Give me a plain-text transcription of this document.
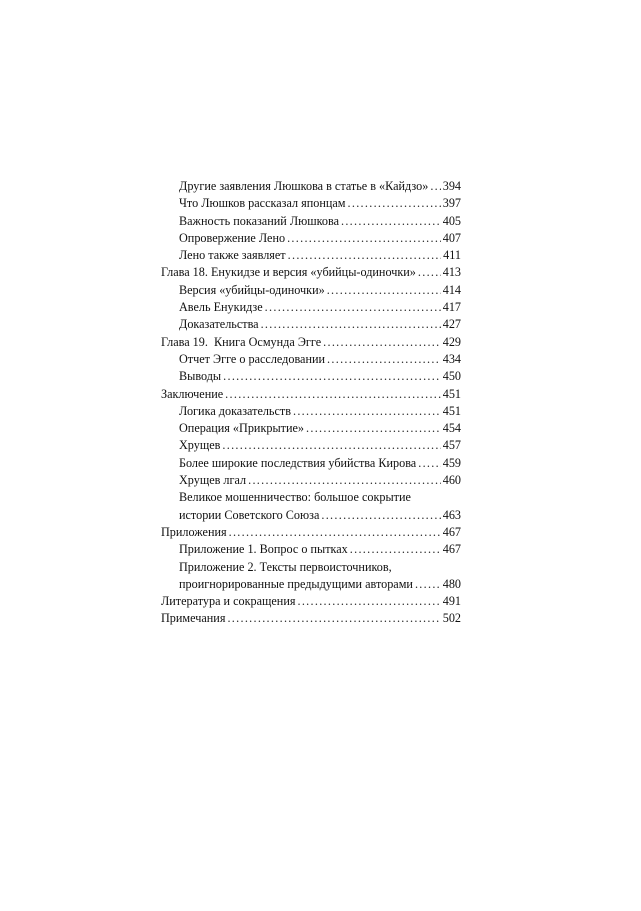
Другие заявления Люшкова в статье в «Кайдзо» ..... 394
Что Люшков рассказал японцам .....	397
Важность показаний Люшкова .....	405
Опровержение Лено .....	407
Лено также заявляет .....	411
Глава 18. Енукидзе и версия «убийцы-одиночки» ..... 413
Версия «убийцы-одиночки» .....	414
Авель Енукидзе .....	417
Доказательства .....	427
Глава 19.  Книга Осмунда Эгге .....	429
Отчет Эгге о расследовании .....	434
Выводы .....	450
Заключение .....	451
Логика доказательств .....	451
Операция «Прикрытие» .....	454
Хрущев .....	457
Более широкие последствия убийства Кирова ..... 459
Хрущев лгал .....	460
Великое мошенничество: большое сокрытие
истории Советского Союза .....	463
Приложения .....	467
Приложение 1. Вопрос о пытках .....	467
Приложение 2. Тексты первоисточников,
проигнорированные предыдущими авторами ..... 480
Литература и сокращения .....	491
Примечания .....	502
